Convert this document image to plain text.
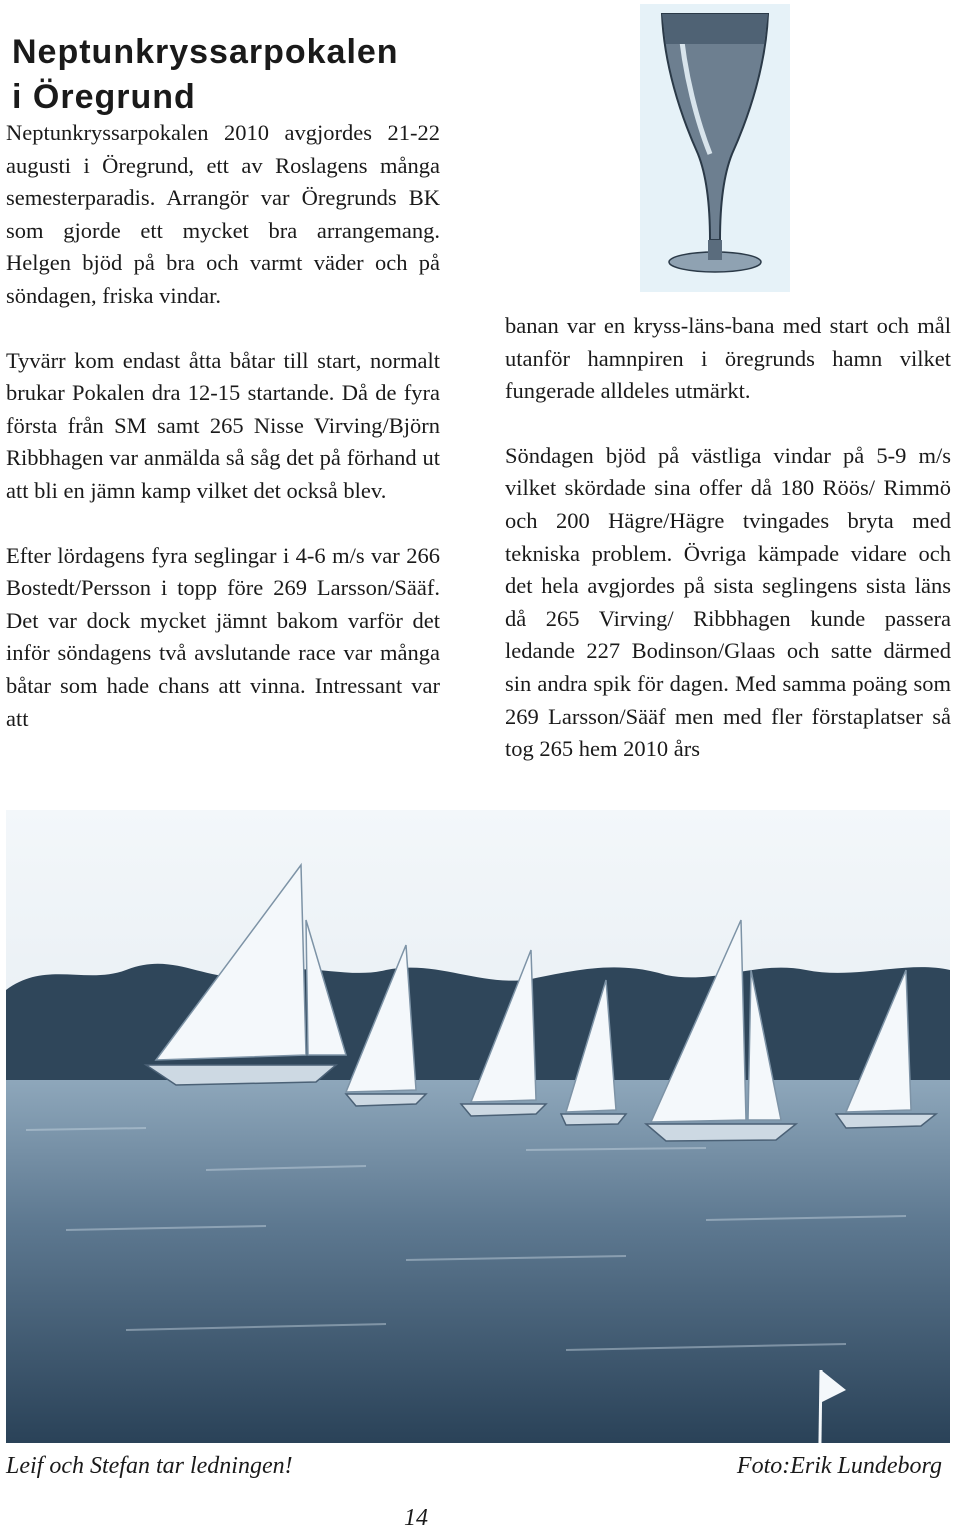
Neptunkryssarpokalen
i Öregrund

Neptunkryssarpokalen 2010 avgjordes 21-22 augusti i Öregrund, ett av Roslagens många semesterparadis. Arrangör var Öregrunds BK som gjorde ett mycket bra arrangemang. Helgen bjöd på bra och varmt väder och på söndagen, friska vindar.

Tyvärr kom endast åtta båtar till start, normalt brukar Pokalen dra 12-15 startande. Då de fyra första från SM samt 265 Nisse Virving/Björn Ribbhagen var anmälda så såg det på förhand ut att bli en jämn kamp vilket det också blev.

Efter lördagens fyra seglingar i 4-6 m/s var 266 Bostedt/Persson i topp före 269 Larsson/Sääf. Det var dock mycket jämnt bakom varför det inför söndagens två avslutande race var många båtar som hade chans att vinna. Intressant var att

banan var en kryss-läns-bana med start och mål utanför hamnpiren i öregrunds hamn vilket fungerade alldeles utmärkt.

Söndagen bjöd på västliga vindar på 5-9 m/s vilket skördade sina offer då 180 Röös/ Rimmö och 200 Hägre/Hägre tvingades bryta med tekniska problem. Övriga kämpade vidare och det hela avgjordes på sista seglingens sista läns då 265 Virving/ Ribbhagen kunde passera ledande 227 Bodinson/Glaas och satte därmed sin andra spik för dagen. Med samma poäng som 269 Larsson/Sääf men med fler förstaplatser så tog 265 hem 2010 års

Leif och Stefan tar ledningen!	Foto:Erik Lundeborg
14
